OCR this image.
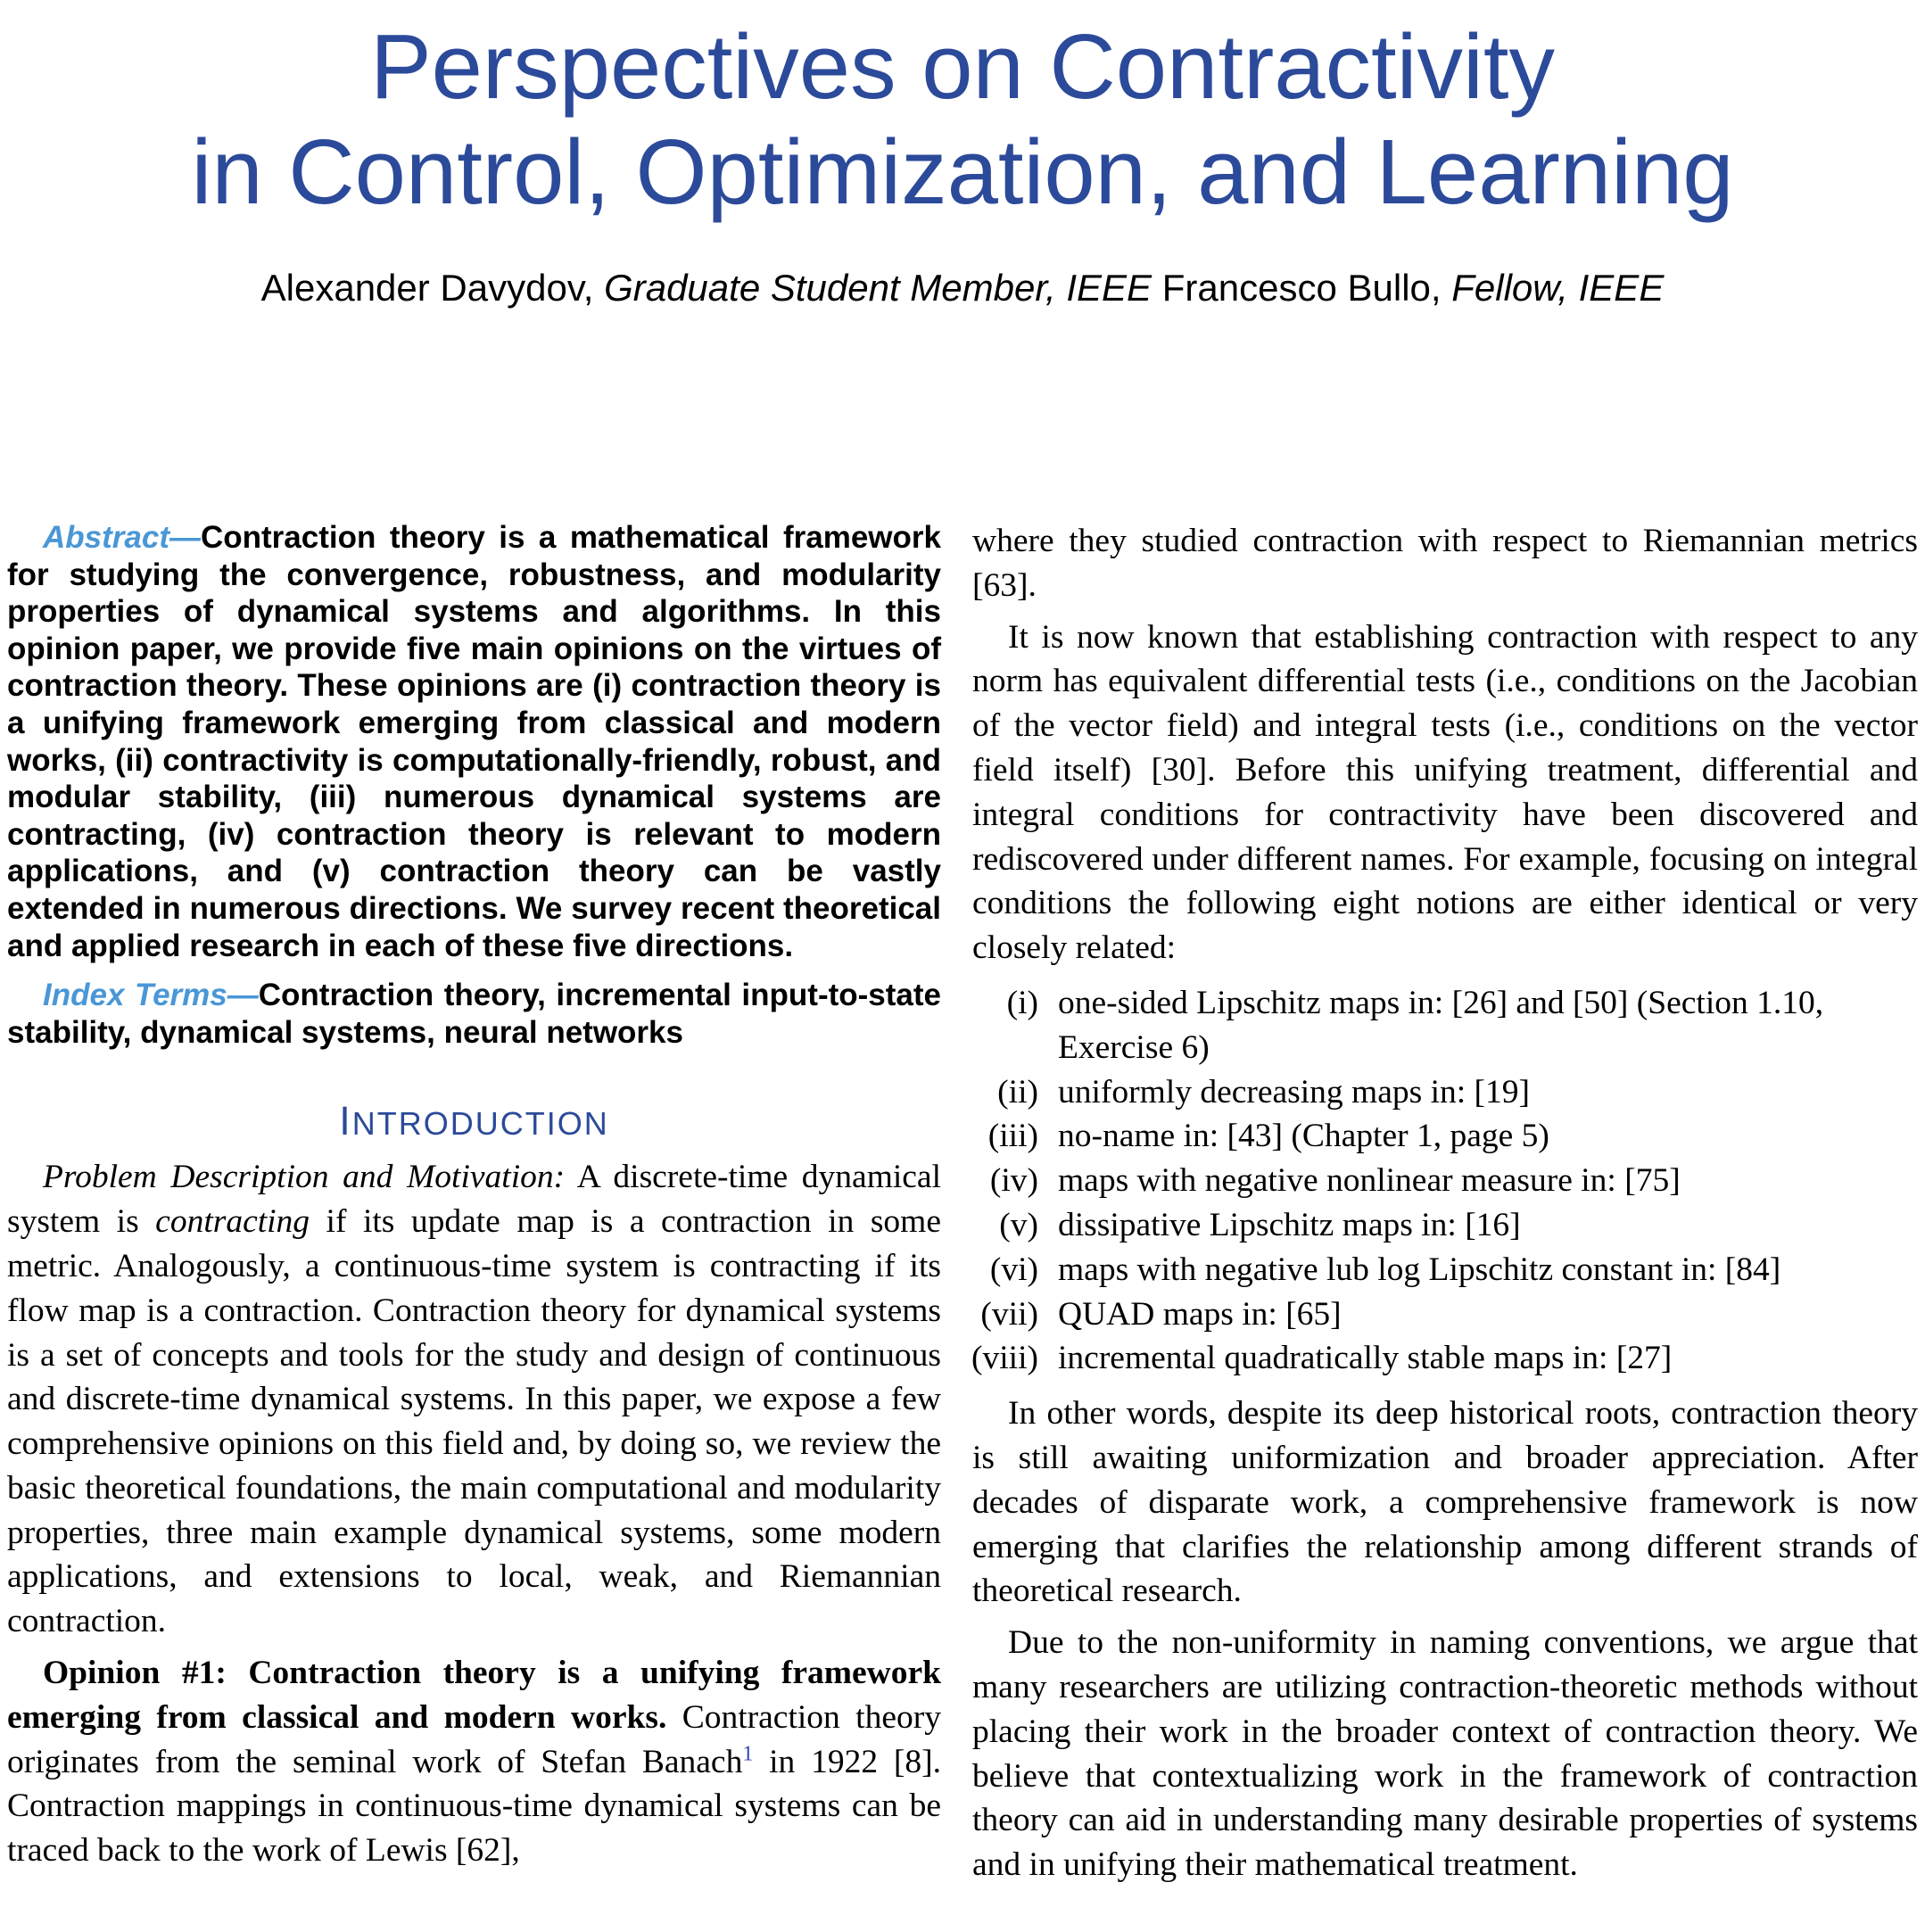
Perspectives on Contractivity
in Control, Optimization, and Learning
Alexander Davydov, Graduate Student Member, IEEE Francesco Bullo, Fellow, IEEE

Abstract—Contraction theory is a mathematical framework for studying the convergence, robustness, and modularity properties of dynamical systems and algorithms. In this opinion paper, we provide five main opinions on the virtues of contraction theory. These opinions are (i) contraction theory is a unifying framework emerging from classical and modern works, (ii) contractivity is computationally-friendly, robust, and modular stability, (iii) numerous dynamical systems are contracting, (iv) contraction theory is relevant to modern applications, and (v) contraction theory can be vastly extended in numerous directions. We survey recent theoretical and applied research in each of these five directions.

Index Terms—Contraction theory, incremental input-to-state stability, dynamical systems, neural networks

INTRODUCTION

Problem Description and Motivation: A discrete-time dynamical system is contracting if its update map is a contraction in some metric. Analogously, a continuous-time system is contracting if its flow map is a contraction. Contraction theory for dynamical systems is a set of concepts and tools for the study and design of continuous and discrete-time dynamical systems. In this paper, we expose a few comprehensive opinions on this field and, by doing so, we review the basic theoretical foundations, the main computational and modularity properties, three main example dynamical systems, some modern applications, and extensions to local, weak, and Riemannian contraction.

Opinion #1: Contraction theory is a unifying framework emerging from classical and modern works. Contraction theory originates from the seminal work of Stefan Banach$^1$ in 1922 [8]. Contraction mappings in continuous-time dynamical systems can be traced back to the work of Lewis [62],

where they studied contraction with respect to Riemannian metrics [63].

It is now known that establishing contraction with respect to any norm has equivalent differential tests (i.e., conditions on the Jacobian of the vector field) and integral tests (i.e., conditions on the vector field itself) [30]. Before this unifying treatment, differential and integral conditions for contractivity have been discovered and rediscovered under different names. For example, focusing on integral conditions the following eight notions are either identical or very closely related:

(i) one-sided Lipschitz maps in: [26] and [50] (Section 1.10, Exercise 6)
(ii) uniformly decreasing maps in: [19]
(iii) no-name in: [43] (Chapter 1, page 5)
(iv) maps with negative nonlinear measure in: [75]
(v) dissipative Lipschitz maps in: [16]
(vi) maps with negative lub log Lipschitz constant in: [84]
(vii) QUAD maps in: [65]
(viii) incremental quadratically stable maps in: [27]

In other words, despite its deep historical roots, contraction theory is still awaiting uniformization and broader appreciation. After decades of disparate work, a comprehensive framework is now emerging that clarifies the relationship among different strands of theoretical research.

Due to the non-uniformity in naming conventions, we argue that many researchers are utilizing contraction-theoretic methods without placing their work in the broader context of contraction theory. We believe that contextualizing work in the framework of contraction theory can aid in understanding many desirable properties of systems and in unifying their mathematical treatment.
